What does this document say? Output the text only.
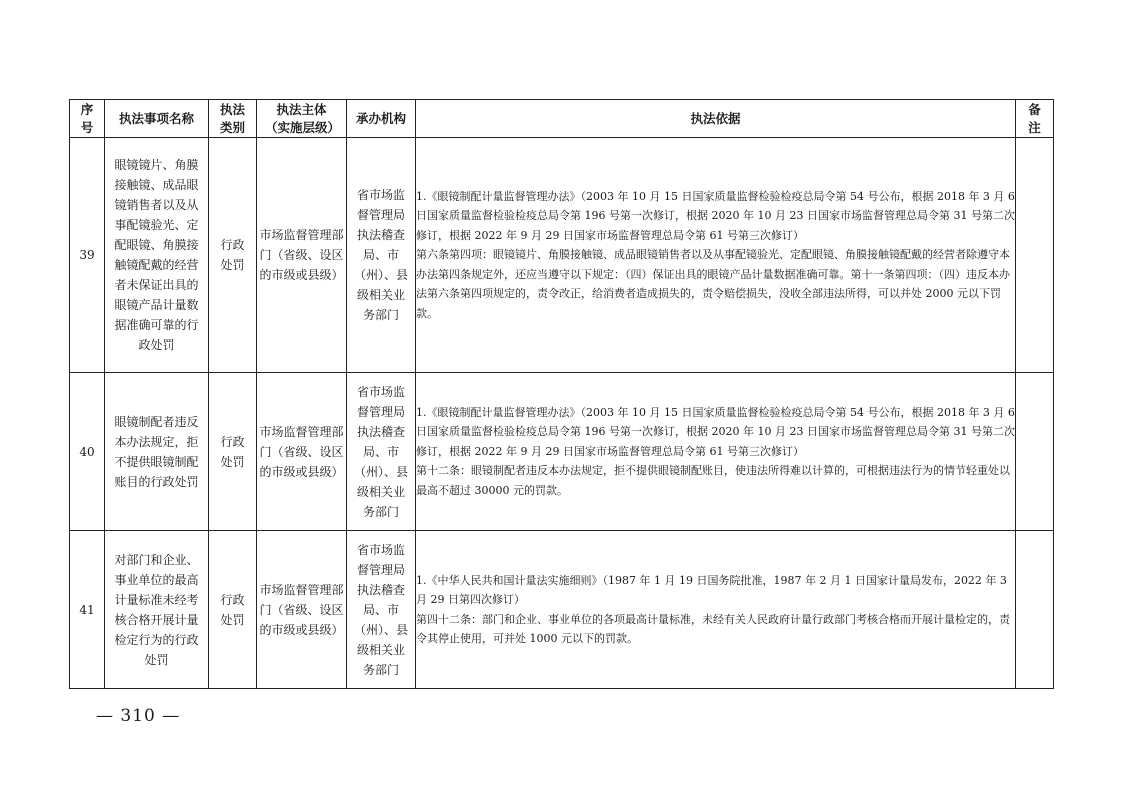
序号	执法事项名称	执法类别	执法主体（实施层级）	承办机构	执法依据	备注
39	眼镜镜片、角膜接触镜、成品眼镜销售者以及从事配镜验光、定配眼镜、角膜接触镜配戴的经营者未保证出具的眼镜产品计量数据准确可靠的行政处罚	行政处罚	市场监督管理部门（省级、设区的市级或县级）	省市场监督管理局执法稽查局、市（州）、县级相关业务部门	1.《眼镜制配计量监督管理办法》（2003 年 10 月 15 日国家质量监督检验检疫总局令第 54 号公布，根据 2018 年 3 月 6 日国家质量监督检验检疫总局令第 196 号第一次修订，根据 2020 年 10 月 23 日国家市场监督管理总局令第 31 号第二次修订，根据 2022 年 9 月 29 日国家市场监督管理总局令第 61 号第三次修订）
第六条第四项：眼镜镜片、角膜接触镜、成品眼镜销售者以及从事配镜验光、定配眼镜、角膜接触镜配戴的经营者除遵守本办法第四条规定外，还应当遵守以下规定：（四）保证出具的眼镜产品计量数据准确可靠。第十一条第四项：（四）违反本办法第六条第四项规定的，责令改正，给消费者造成损失的，责令赔偿损失，没收全部违法所得，可以并处 2000 元以下罚款。	

40	眼镜制配者违反本办法规定，拒不提供眼镜制配账目的行政处罚	行政处罚	市场监督管理部门（省级、设区的市级或县级）	省市场监督管理局执法稽查局、市（州）、县级相关业务部门	1.《眼镜制配计量监督管理办法》（2003 年 10 月 15 日国家质量监督检验检疫总局令第 54 号公布，根据 2018 年 3 月 6 日国家质量监督检验检疫总局令第 196 号第一次修订，根据 2020 年 10 月 23 日国家市场监督管理总局令第 31 号第二次修订，根据 2022 年 9 月 29 日国家市场监督管理总局令第 61 号第三次修订）
第十二条：眼镜制配者违反本办法规定，拒不提供眼镜制配账目，使违法所得难以计算的，可根据违法行为的情节轻重处以最高不超过 30000 元的罚款。	

41	对部门和企业、事业单位的最高计量标准未经考核合格开展计量检定行为的行政处罚	行政处罚	市场监督管理部门（省级、设区的市级或县级）	省市场监督管理局执法稽查局、市（州）、县级相关业务部门	1.《中华人民共和国计量法实施细则》（1987 年 1 月 19 日国务院批准，1987 年 2 月 1 日国家计量局发布，2022 年 3 月 29 日第四次修订）
第四十二条：部门和企业、事业单位的各项最高计量标准，未经有关人民政府计量行政部门考核合格而开展计量检定的，责令其停止使用，可并处 1000 元以下的罚款。	

— 310 —
